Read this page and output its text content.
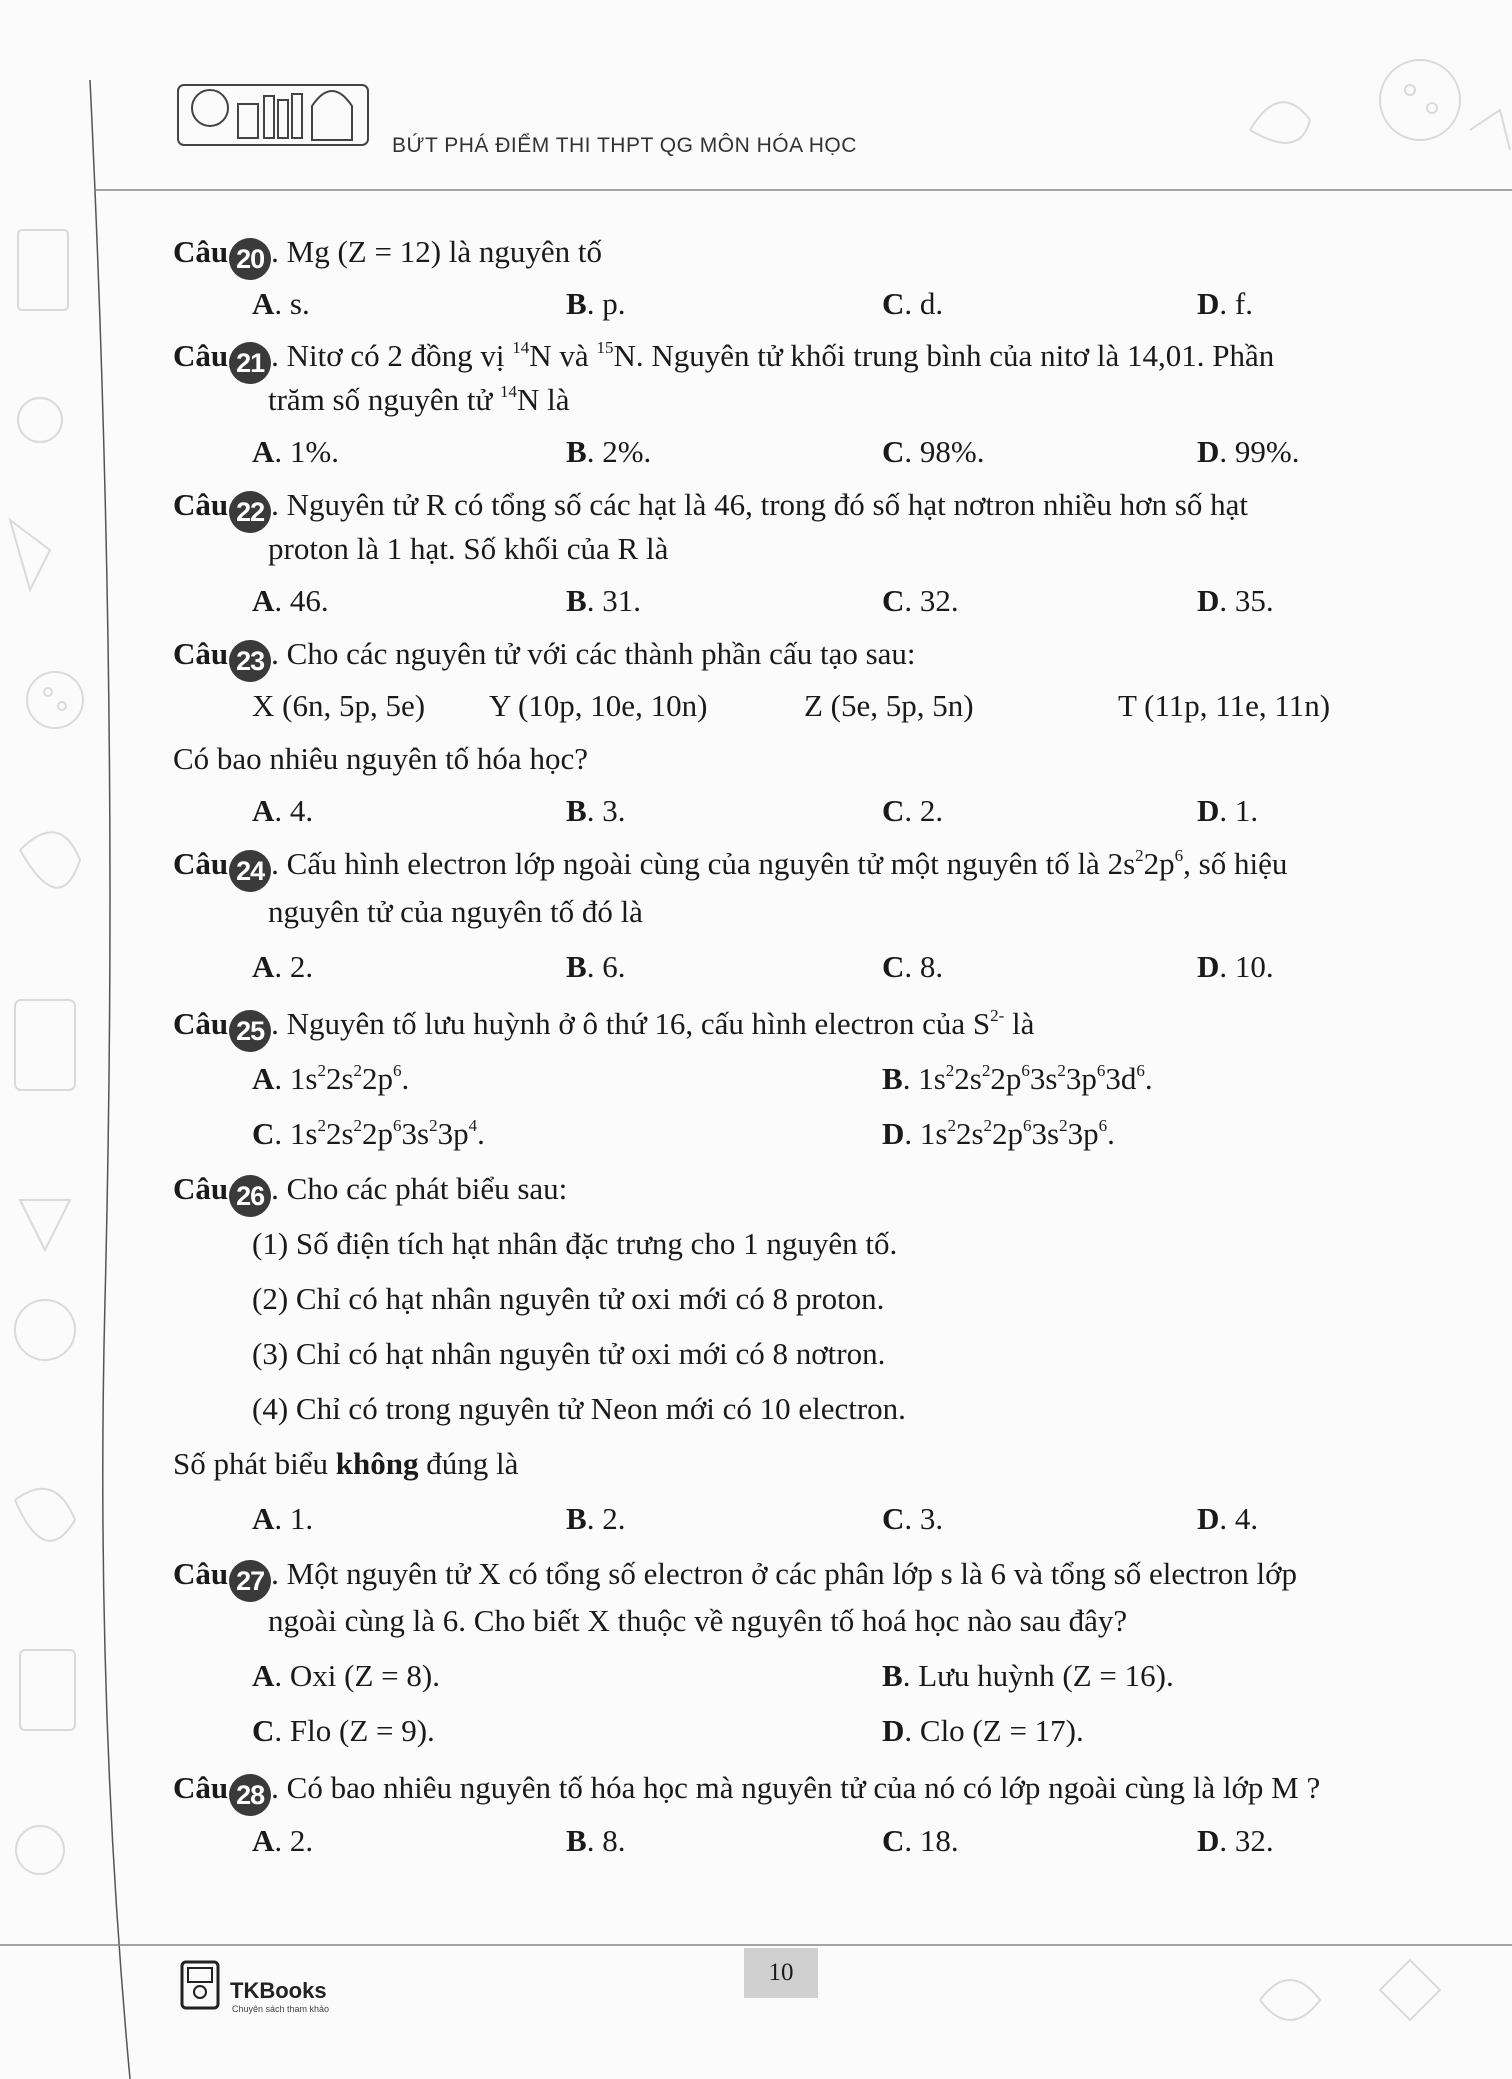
BỨT PHÁ ĐIỂM THI THPT QG MÔN HÓA HỌC
Câu 20 . Mg (Z = 12) là nguyên tố
A. s.	B. p.	C. d.	D. f.
Câu 21 . Nitơ có 2 đồng vị $^{14}$N và $^{15}$N. Nguyên tử khối trung bình của nitơ là 14,01. Phần
trăm số nguyên tử $^{14}$N là
A. 1%.	B. 2%.	C. 98%.	D. 99%.
Câu 22 . Nguyên tử R có tổng số các hạt là 46, trong đó số hạt nơtron nhiều hơn số hạt
proton là 1 hạt. Số khối của R là
A. 46.	B. 31.	C. 32.	D. 35.
Câu 23 . Cho các nguyên tử với các thành phần cấu tạo sau:
X (6n, 5p, 5e) Y (10p, 10e, 10n)	Z (5e, 5p, 5n)	T (11p, 11e, 11n)
Có bao nhiêu nguyên tố hóa học?
A. 4.	B. 3.	C. 2.	D. 1.
Câu 24 . Cấu hình electron lớp ngoài cùng của nguyên tử một nguyên tố là $2s^22p^6$, số hiệu
nguyên tử của nguyên tố đó là
A. 2.	B. 6.	C. 8.	D. 10.
Câu 25 . Nguyên tố lưu huỳnh ở ô thứ 16, cấu hình electron của $S^{2-}$ là
A. $1s^22s^22p^6$.	B. $1s^22s^22p^63s^23p^63d^6$.
C. $1s^22s^22p^63s^23p^4$.	D. $1s^22s^22p^63s^23p^6$.
Câu 26 . Cho các phát biểu sau:
(1) Số điện tích hạt nhân đặc trưng cho 1 nguyên tố.
(2) Chỉ có hạt nhân nguyên tử oxi mới có 8 proton.
(3) Chỉ có hạt nhân nguyên tử oxi mới có 8 nơtron.
(4) Chỉ có trong nguyên tử Neon mới có 10 electron.
Số phát biểu không đúng là
A. 1.	B. 2.	C. 3.	D. 4.
Câu 27 . Một nguyên tử X có tổng số electron ở các phân lớp s là 6 và tổng số electron lớp
ngoài cùng là 6. Cho biết X thuộc về nguyên tố hoá học nào sau đây?
A. Oxi (Z = 8).	B. Lưu huỳnh (Z = 16).
C. Flo (Z = 9).	D. Clo (Z = 17).
Câu 28 . Có bao nhiêu nguyên tố hóa học mà nguyên tử của nó có lớp ngoài cùng là lớp M ?
A. 2.	B. 8.	C. 18.	D. 32.
10
TKBooks
Chuyên sách tham khảo
